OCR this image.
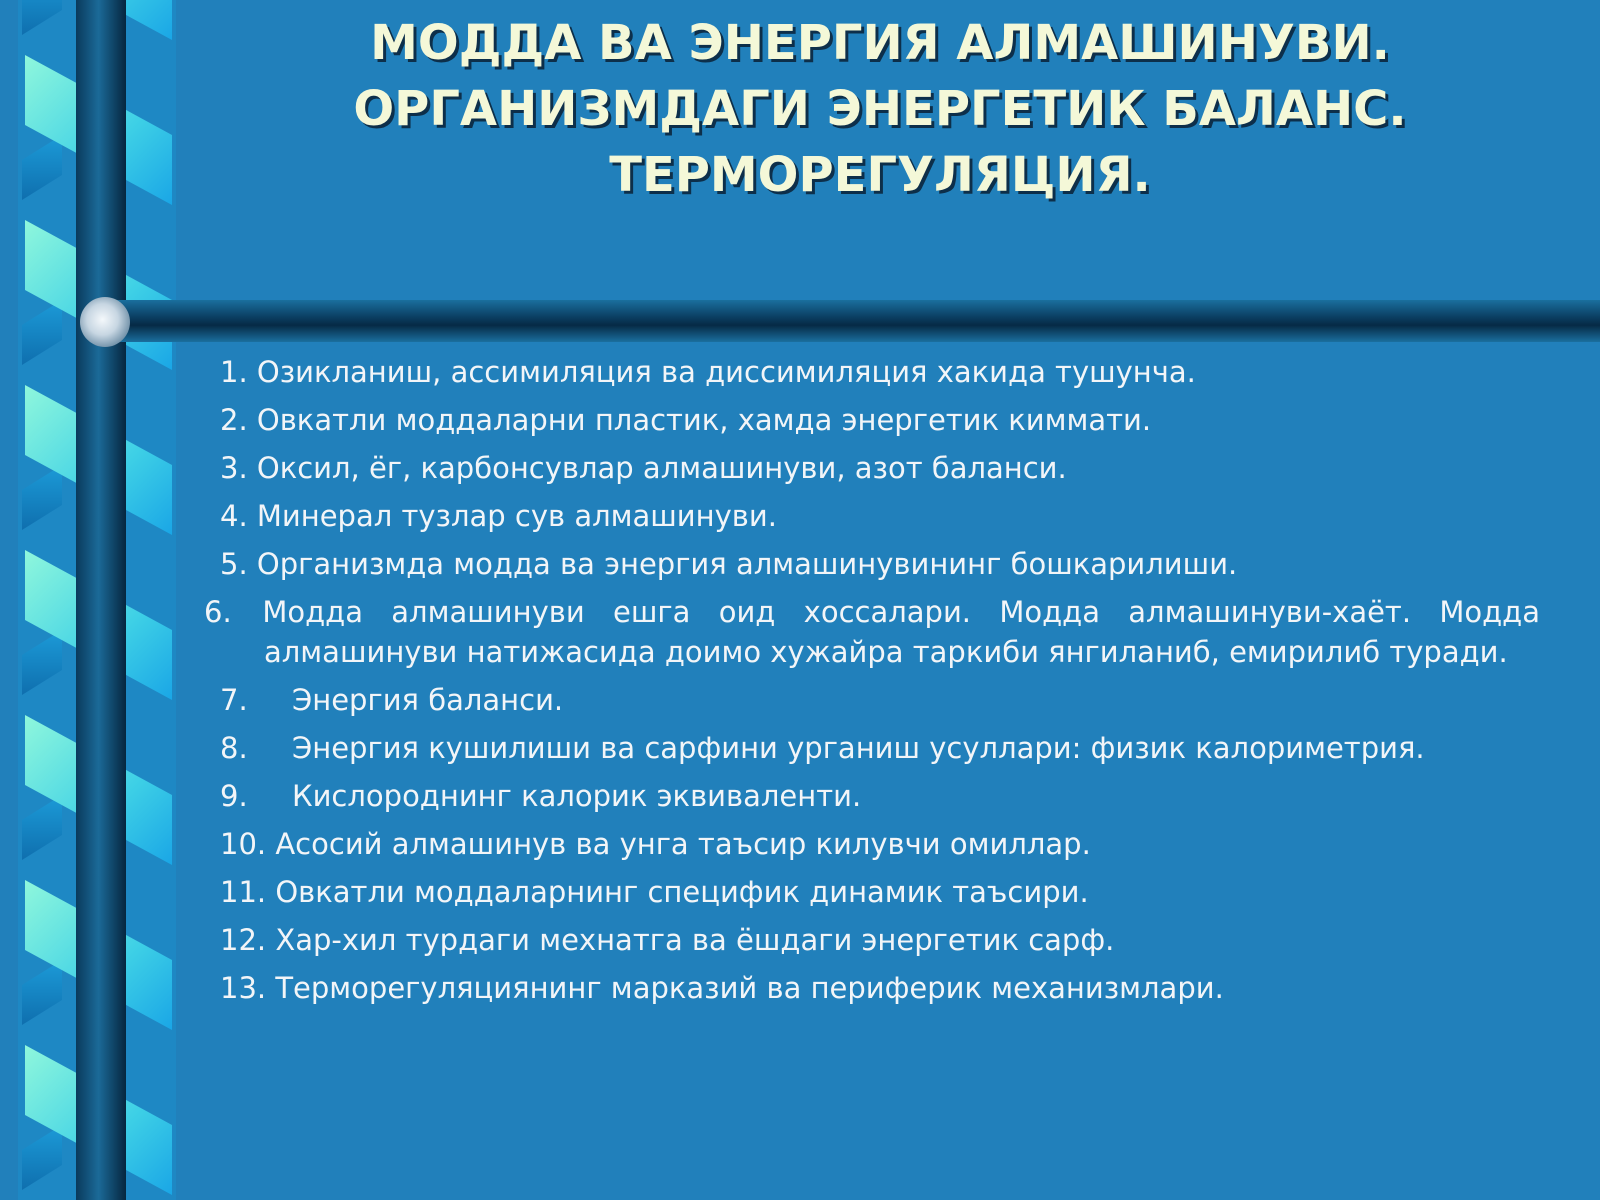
МОДДА ВА ЭНЕРГИЯ АЛМАШИНУВИ.
ОРГАНИЗМДАГИ ЭНЕРГЕТИК БАЛАНС.
ТЕРМОРЕГУЛЯЦИЯ.
1. Озикланиш, ассимиляция ва диссимиляция хакида тушунча.
2. Овкатли моддаларни пластик, хамда энергетик киммати.
3. Оксил, ёг, карбонсувлар алмашинуви, азот баланси.
4. Минерал тузлар сув алмашинуви.
5. Организмда модда ва энергия алмашинувининг бошкарилиши.
6. Модда алмашинуви ешга оид хоссалари. Модда алмашинуви-хаёт. Модда алмашинуви натижасида доимо хужайра таркиби янгиланиб, емирилиб туради.
7. Энергия баланси.
8. Энергия кушилиши ва сарфини урганиш усуллари: физик калориметрия.
9. Кислороднинг калорик эквиваленти.
10. Асосий алмашинув ва унга таъсир килувчи омиллар.
11. Овкатли моддаларнинг специфик динамик таъсири.
12. Хар-хил турдаги мехнатга ва ёшдаги энергетик сарф.
13. Терморегуляциянинг марказий ва периферик механизмлари.
